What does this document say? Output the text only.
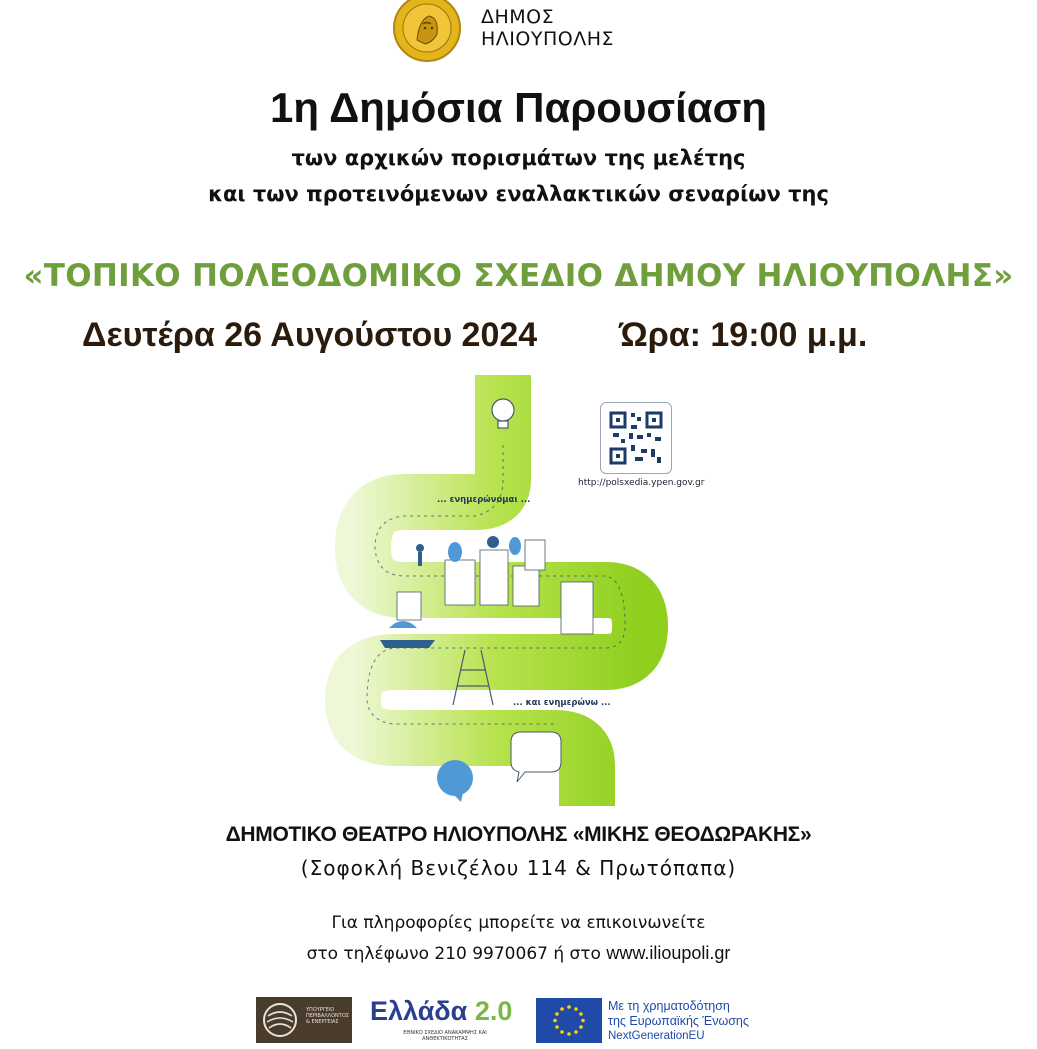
ΔΗΜΟΣ
ΗΛΙΟΥΠΟΛΗΣ
1η Δημόσια Παρουσίαση
των αρχικών πορισμάτων της μελέτης
και των προτεινόμενων εναλλακτικών σεναρίων της
«ΤΟΠΙΚΟ ΠΟΛΕΟΔΟΜΙΚΟ ΣΧΕΔΙΟ ΔΗΜΟΥ ΗΛΙΟΥΠΟΛΗΣ»
Δευτέρα 26 Αυγούστου 2024 Ώρα: 19:00 μ.μ.
... ενημερώνομαι ...
... και ενημερώνω ...
http://polsxedia.ypen.gov.gr
ΔΗΜΟΤΙΚΟ ΘΕΑΤΡΟ ΗΛΙΟΥΠΟΛΗΣ «ΜΙΚΗΣ ΘΕΟΔΩΡΑΚΗΣ»
(Σοφοκλή Βενιζέλου 114 & Πρωτόπαπα)
Για πληροφορίες μπορείτε να επικοινωνείτε
στο τηλέφωνο 210 9970067 ή στο www.ilioupoli.gr
ΥΠΟΥΡΓΕΙΟ ΠΕΡΙΒΑΛΛΟΝΤΟΣ & ΕΝΕΡΓΕΙΑΣ	Ελλάδα 2.0
ΕΘΝΙΚΟ ΣΧΕΔΙΟ ΑΝΑΚΑΜΨΗΣ ΚΑΙ ΑΝΘΕΚΤΙΚΟΤΗΤΑΣ
Με τη χρηματοδότηση
της Ευρωπαϊκής Ένωσης
NextGenerationEU
